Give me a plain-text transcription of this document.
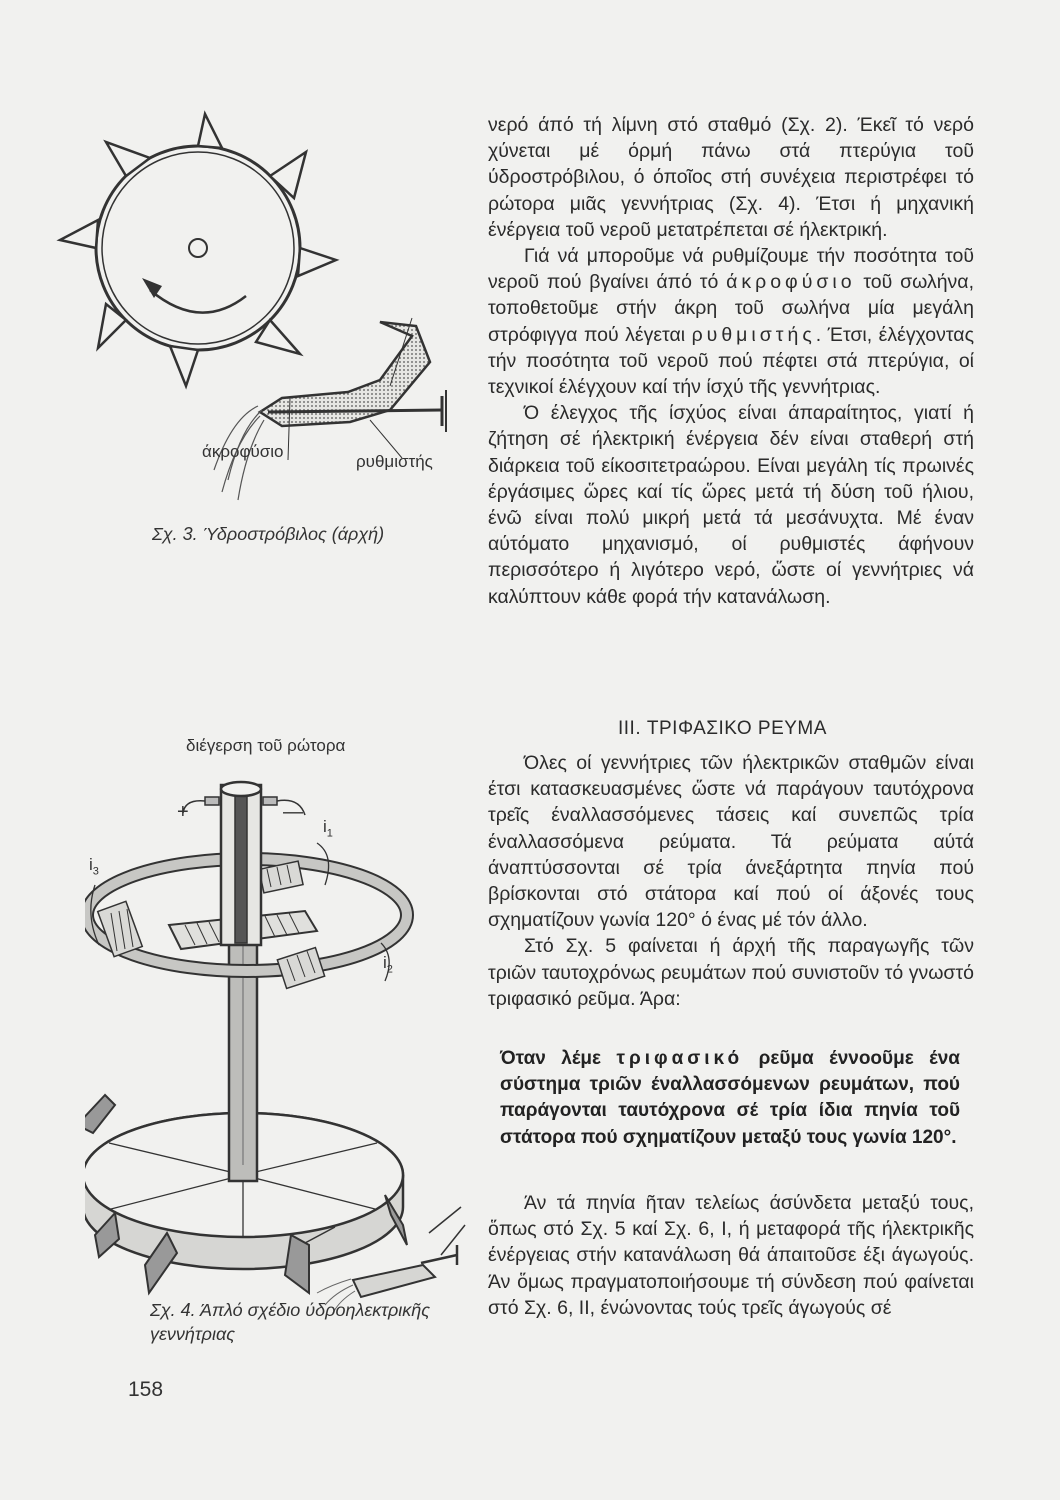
άκροφύσιο
ρυθμιστής
Σχ. 3. Ύδροστρόβιλος (άρχή)
διέγερση τοῦ ρώτορα
+	—
$i_1$
$i_2$
$i_3$
Σχ. 4. Άπλό σχέδιο ύδροηλεκτρικῆς γεννήτριας

νερό άπό τή λίμνη στό σταθμό (Σχ. 2). Έκεῖ τό νερό χύνεται μέ όρμή πάνω στά πτερύγια τοῦ ύδροστρόβιλου, ό όποῖος στή συνέχεια περιστρέφει τό ρώτορα μιᾶς γεννήτριας (Σχ. 4). Έτσι ή μηχανική ένέργεια τοῦ νεροῦ μετατρέπεται σέ ήλεκτρική.

Γιά νά μποροῦμε νά ρυθμίζουμε τήν ποσότητα τοῦ νεροῦ πού βγαίνει άπό τό άκροφύσιο τοῦ σωλήνα, τοποθετοῦμε στήν άκρη τοῦ σωλήνα μία μεγάλη στρόφιγγα πού λέγεται ρυθμιστής. Έτσι, έλέγχοντας τήν ποσότητα τοῦ νεροῦ πού πέφτει στά πτερύγια, οί τεχνικοί έλέγχουν καί τήν ίσχύ τῆς γεννήτριας.

Ό έλεγχος τῆς ίσχύος είναι άπαραίτητος, γιατί ή ζήτηση σέ ήλεκτρική ένέργεια δέν είναι σταθερή στή διάρκεια τοῦ είκοσιτετραώρου. Είναι μεγάλη τίς πρωινές έργάσιμες ὥρες καί τίς ὥρες μετά τή δύση τοῦ ήλιου, ένῶ είναι πολύ μικρή μετά τά μεσάνυχτα. Μέ έναν αύτόματο μηχανισμό, οί ρυθμιστές άφήνουν περισσότερο ή λιγότερο νερό, ὥστε οί γεννήτριες νά καλύπτουν κάθε φορά τήν κατανάλωση.

III. ΤΡΙΦΑΣΙΚΟ ΡΕΥΜΑ

Όλες οί γεννήτριες τῶν ήλεκτρικῶν σταθμῶν είναι έτσι κατασκευασμένες ὥστε νά παράγουν ταυτόχρονα τρεῖς έναλλασσόμενες τάσεις καί συνεπῶς τρία έναλλασσόμενα ρεύματα. Τά ρεύματα αύτά άναπτύσσονται σέ τρία άνεξάρτητα πηνία πού βρίσκονται στό στάτορα καί πού οί άξονές τους σχηματίζουν γωνία 120° ό ένας μέ τόν άλλο.

Στό Σχ. 5 φαίνεται ή άρχή τῆς παραγωγῆς τῶν τριῶν ταυτοχρόνως ρευμάτων πού συνιστοῦν τό γνωστό τριφασικό ρεῦμα. Άρα:

Όταν λέμε τριφασικό ρεῦμα έννοοῦμε ένα σύστημα τριῶν έναλλασσόμενων ρευμάτων, πού παράγονται ταυτόχρονα σέ τρία ίδια πηνία τοῦ στάτορα πού σχηματίζουν μεταξύ τους γωνία 120°.

Άν τά πηνία ῆταν τελείως άσύνδετα μεταξύ τους, ὅπως στό Σχ. 5 καί Σχ. 6, I, ή μεταφορά τῆς ήλεκτρικῆς ένέργειας στήν κατανάλωση θά άπαιτοῦσε έξι άγωγούς. Άν ὅμως πραγματοποιήσουμε τή σύνδεση πού φαίνεται στό Σχ. 6, II, ένώνοντας τούς τρεῖς άγωγούς σέ

158
